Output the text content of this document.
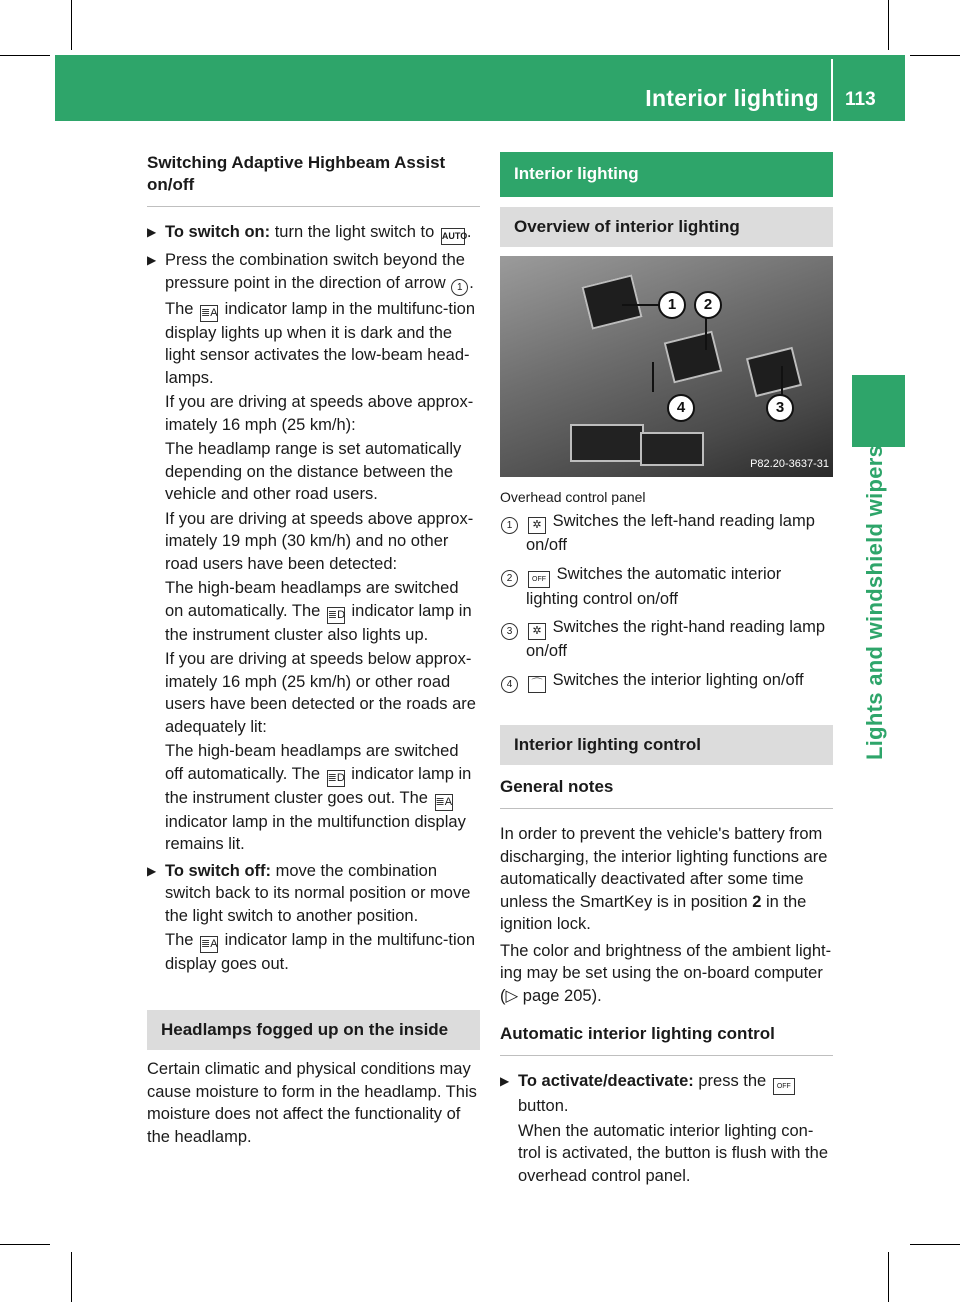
Interior lighting 113
Lights and windshield wipers
Switching Adaptive Highbeam Assist on/off
▶ To switch on: turn the light switch to AUTO.

▶ Press the combination switch beyond the pressure point in the direction of arrow 1 .

The ≣A indicator lamp in the multifunc-tion display lights up when it is dark and the light sensor activates the low-beam head-lamps.

If you are driving at speeds above approx-imately 16 mph (25 km/h):

The headlamp range is set automatically depending on the distance between the vehicle and other road users.

If you are driving at speeds above approx-imately 19 mph (30 km/h) and no other road users have been detected:

The high-beam headlamps are switched on automatically. The ≣D indicator lamp in the instrument cluster also lights up.

If you are driving at speeds below approx-imately 16 mph (25 km/h) or other road users have been detected or the roads are adequately lit:

The high-beam headlamps are switched off automatically. The ≣D indicator lamp in the instrument cluster goes out. The ≣A indicator lamp in the multifunction display remains lit.

▶ To switch off: move the combination switch back to its normal position or move the light switch to another position.

The ≣A indicator lamp in the multifunc-tion display goes out.

Headlamps fogged up on the inside

Certain climatic and physical conditions may cause moisture to form in the headlamp. This moisture does not affect the functionality of the headlamp.

Interior lighting
Overview of interior lighting
1	2
3
4
P82.20-3637-31

Overhead control panel

1	✲ Switches the left-hand reading lamp on/off
2	OFF Switches the automatic interior lighting control on/off
3	✲ Switches the right-hand reading lamp on/off
4	⌒ Switches the interior lighting on/off
Interior lighting control
General notes

In order to prevent the vehicle's battery from discharging, the interior lighting functions are automatically deactivated after some time unless the SmartKey is in position 2 in the ignition lock.

The color and brightness of the ambient light-ing may be set using the on-board computer (▷ page 205).

Automatic interior lighting control
▶ To activate/deactivate: press the OFF button.

When the automatic interior lighting con-trol is activated, the button is flush with the overhead control panel.
